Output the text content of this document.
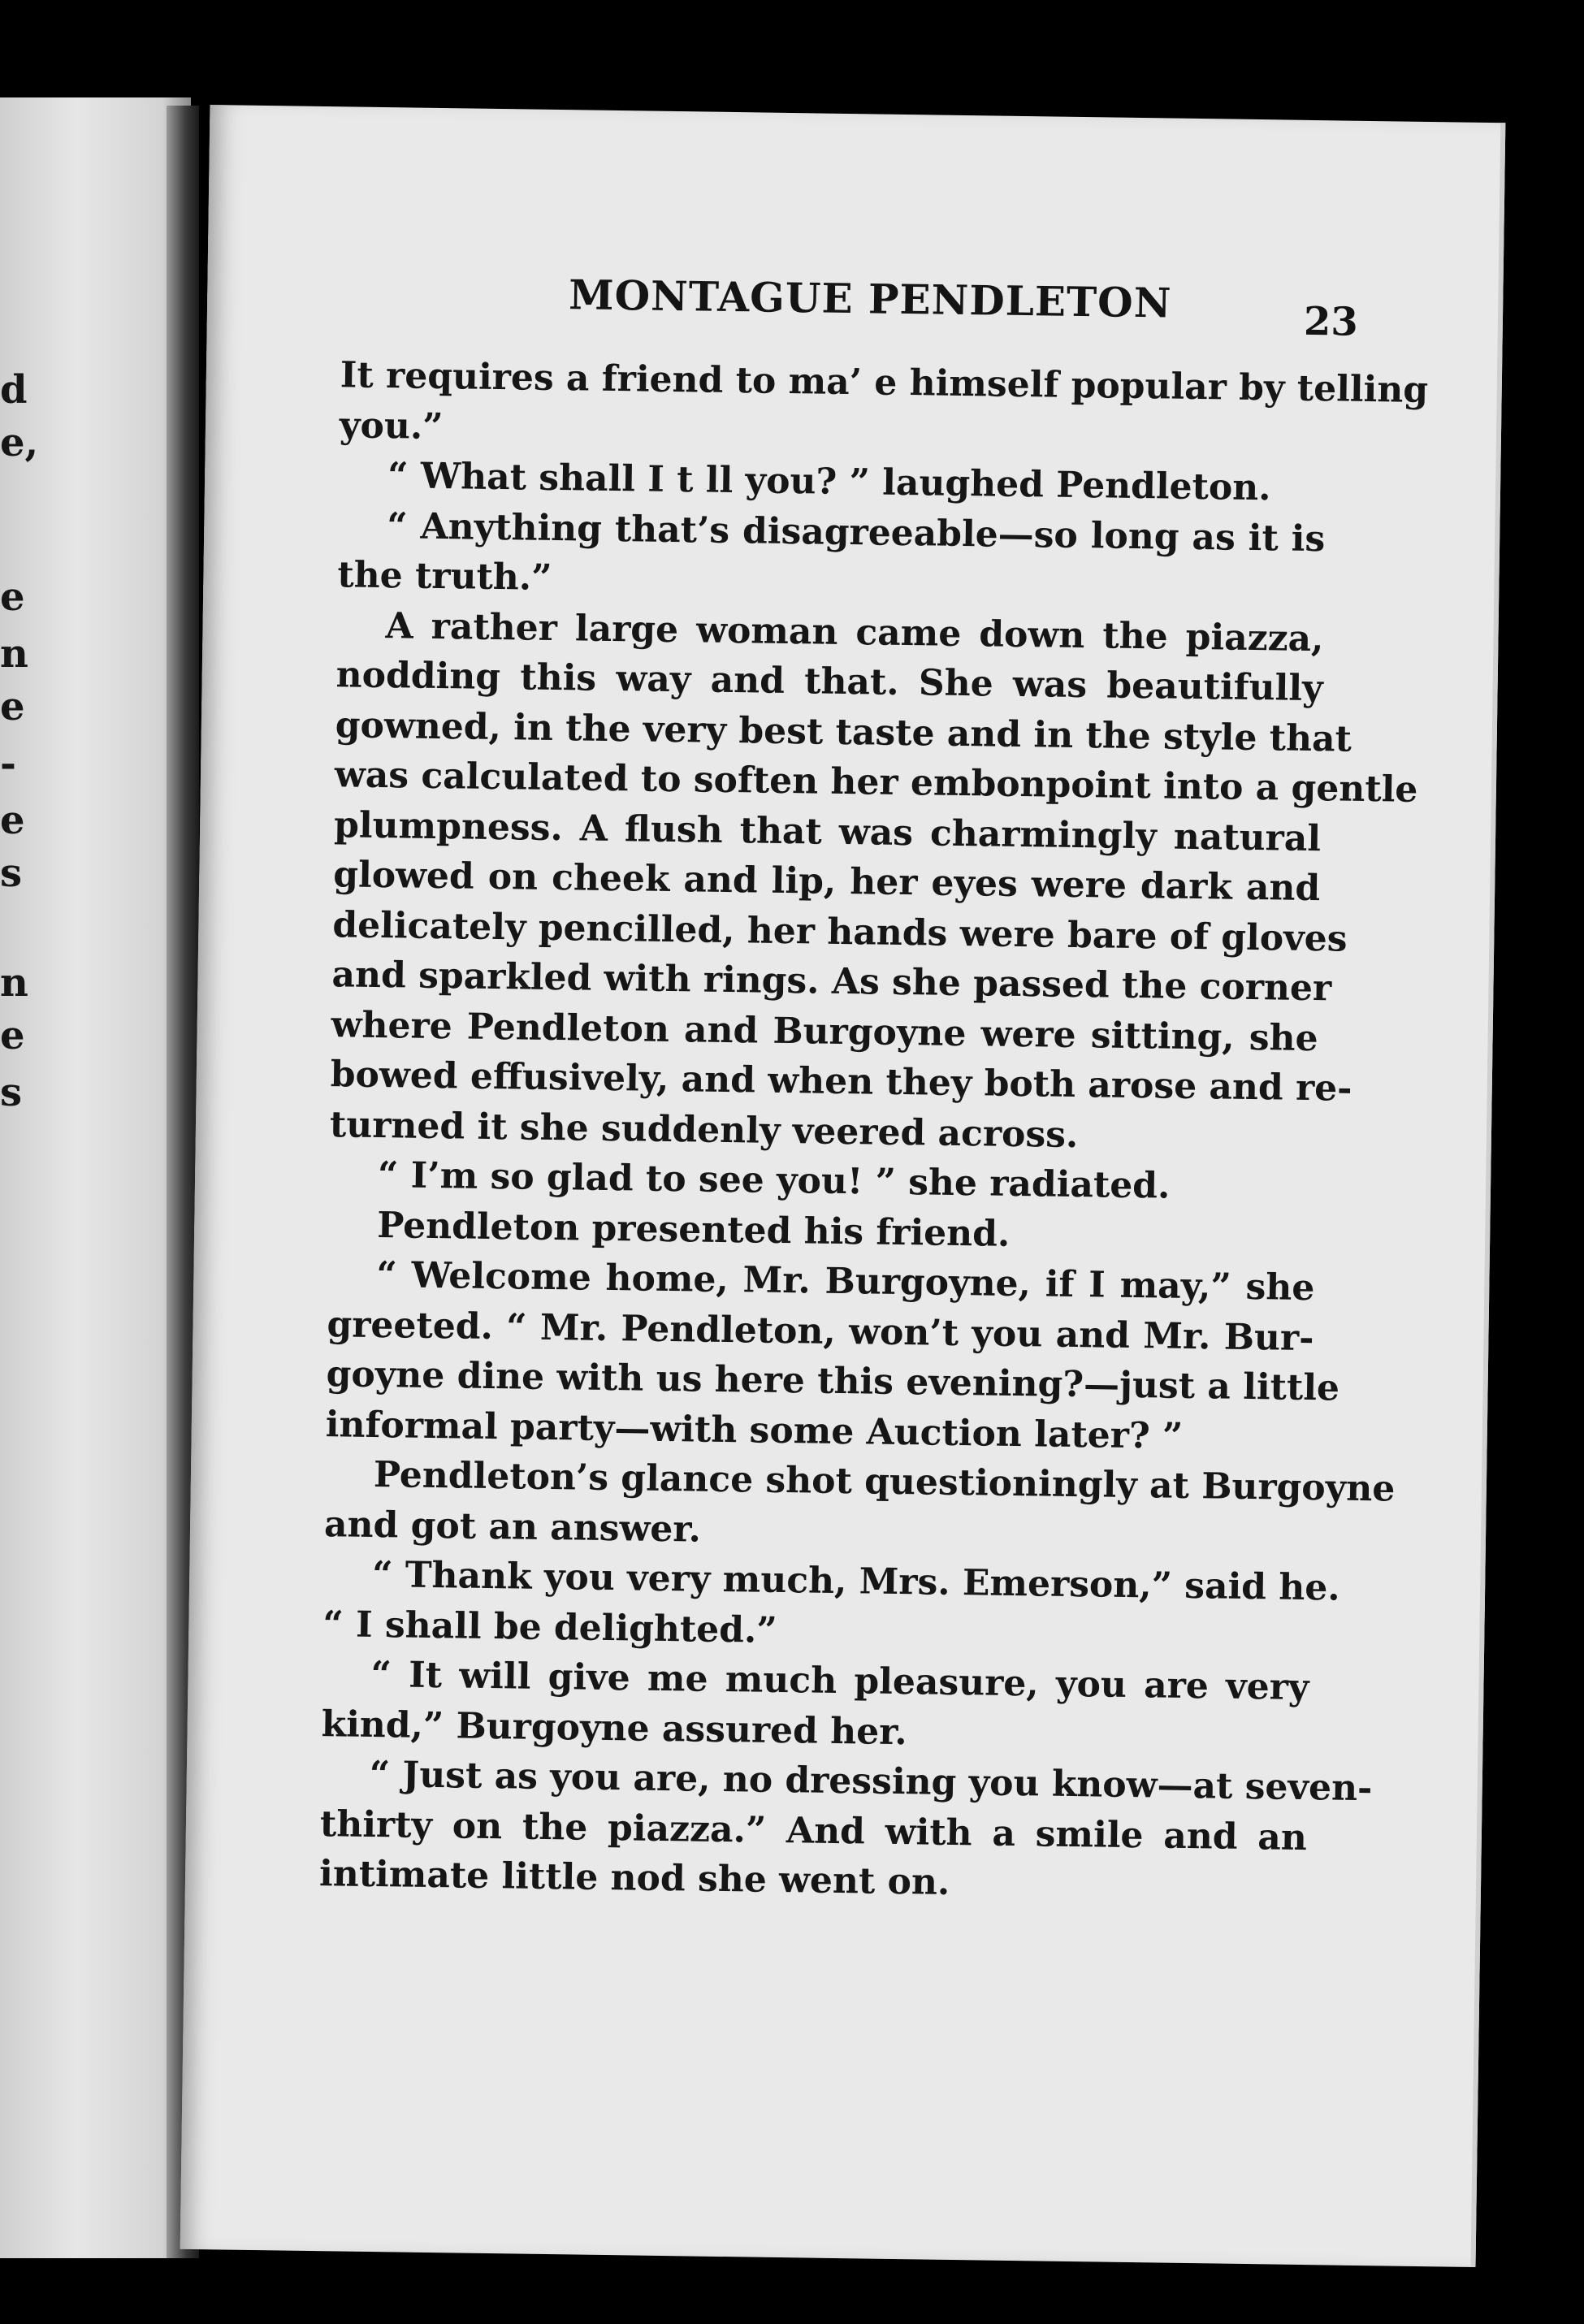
d
e,
e
n
e
-
e
s
n
e
s
MONTAGUE PENDLETON	23
It requires a friend to ma’ e himself popular by telling
you.”
“ What shall I t ll you? ” laughed Pendleton.
“ Anything that’s disagreeable—so long as it is
the truth.”
A rather large woman came down the piazza,
nodding this way and that. She was beautifully
gowned, in the very best taste and in the style that
was calculated to soften her embonpoint into a gentle
plumpness. A flush that was charmingly natural
glowed on cheek and lip, her eyes were dark and
delicately pencilled, her hands were bare of gloves
and sparkled with rings. As she passed the corner
where Pendleton and Burgoyne were sitting, she
bowed effusively, and when they both arose and re-
turned it she suddenly veered across.
“ I’m so glad to see you! ” she radiated.
Pendleton presented his friend.
“ Welcome home, Mr. Burgoyne, if I may,” she
greeted. “ Mr. Pendleton, won’t you and Mr. Bur-
goyne dine with us here this evening?—just a little
informal party—with some Auction later? ”
Pendleton’s glance shot questioningly at Burgoyne
and got an answer.
“ Thank you very much, Mrs. Emerson,” said he.
“ I shall be delighted.”
“ It will give me much pleasure, you are very
kind,” Burgoyne assured her.
“ Just as you are, no dressing you know—at seven-
thirty on the piazza.” And with a smile and an
intimate little nod she went on.
